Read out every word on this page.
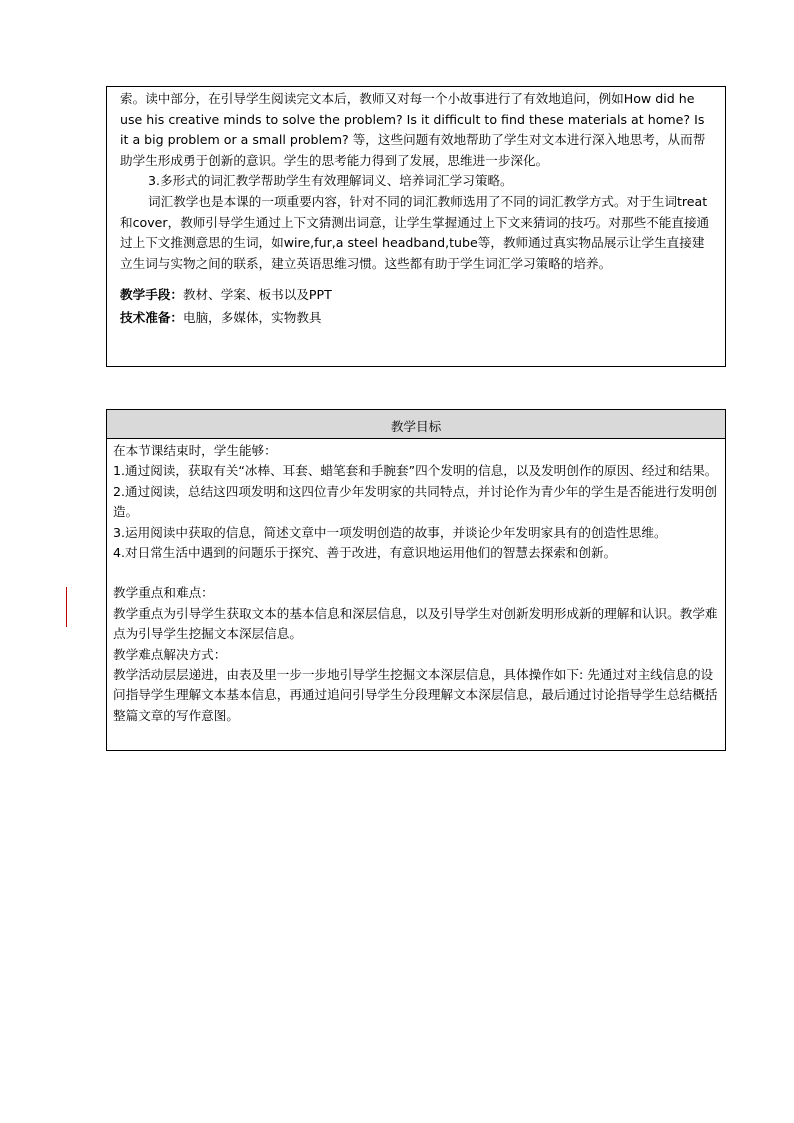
索。读中部分，在引导学生阅读完文本后，教师又对每一个小故事进行了有效地追问，例如How did he use his creative minds to solve the problem? Is it difficult to find these materials at home? Is it a big problem or a small problem? 等，这些问题有效地帮助了学生对文本进行深入地思考，从而帮助学生形成勇于创新的意识。学生的思考能力得到了发展，思维进一步深化。

3.多形式的词汇教学帮助学生有效理解词义、培养词汇学习策略。

词汇教学也是本课的一项重要内容，针对不同的词汇教师选用了不同的词汇教学方式。对于生词treat和cover，教师引导学生通过上下文猜测出词意，让学生掌握通过上下文来猜词的技巧。对那些不能直接通过上下文推测意思的生词，如wire,fur,a steel headband,tube等，教师通过真实物品展示让学生直接建立生词与实物之间的联系，建立英语思维习惯。这些都有助于学生词汇学习策略的培养。

教学手段：教材、学案、板书以及PPT

技术准备：电脑，多媒体，实物教具

教学目标

在本节课结束时，学生能够：

1.通过阅读，获取有关“冰棒、耳套、蜡笔套和手腕套”四个发明的信息，以及发明创作的原因、经过和结果。

2.通过阅读，总结这四项发明和这四位青少年发明家的共同特点，并讨论作为青少年的学生是否能进行发明创造。

3.运用阅读中获取的信息，简述文章中一项发明创造的故事，并谈论少年发明家具有的创造性思维。

4.对日常生活中遇到的问题乐于探究、善于改进，有意识地运用他们的智慧去探索和创新。

教学重点和难点：

教学重点为引导学生获取文本的基本信息和深层信息，以及引导学生对创新发明形成新的理解和认识。教学难点为引导学生挖掘文本深层信息。

教学难点解决方式：

教学活动层层递进，由表及里一步一步地引导学生挖掘文本深层信息，具体操作如下: 先通过对主线信息的设问指导学生理解文本基本信息，再通过追问引导学生分段理解文本深层信息，最后通过讨论指导学生总结概括整篇文章的写作意图。
